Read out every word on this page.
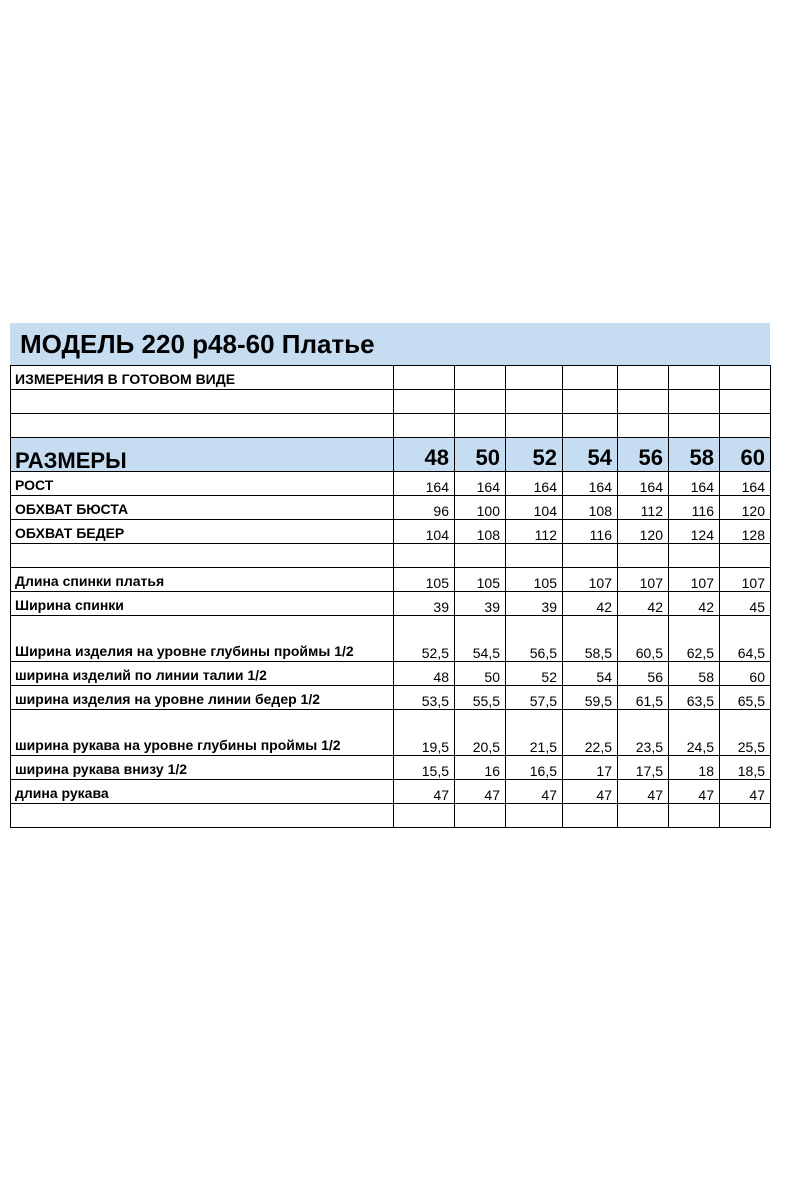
МОДЕЛЬ 220 р48-60 Платье
ИЗМЕРЕНИЯ В ГОТОВОМ ВИДЕ							

РАЗМЕРЫ	48	50	52	54	56	58	60
РОСТ	164	164	164	164	164	164	164
ОБХВАТ БЮСТА	96	100	104	108	112	116	120
ОБХВАТ БЕДЕР	104	108	112	116	120	124	128

Длина спинки платья	105	105	105	107	107	107	107
Ширина спинки	39	39	39	42	42	42	45
Ширина изделия на уровне глубины проймы 1/2	52,5	54,5	56,5	58,5	60,5	62,5	64,5
ширина изделий по линии талии 1/2	48	50	52	54	56	58	60
ширина изделия на уровне линии бедер 1/2	53,5	55,5	57,5	59,5	61,5	63,5	65,5
ширина рукава на уровне глубины проймы 1/2	19,5	20,5	21,5	22,5	23,5	24,5	25,5
ширина рукава внизу 1/2	15,5	16	16,5	17	17,5	18	18,5
длина рукава	47	47	47	47	47	47	47
